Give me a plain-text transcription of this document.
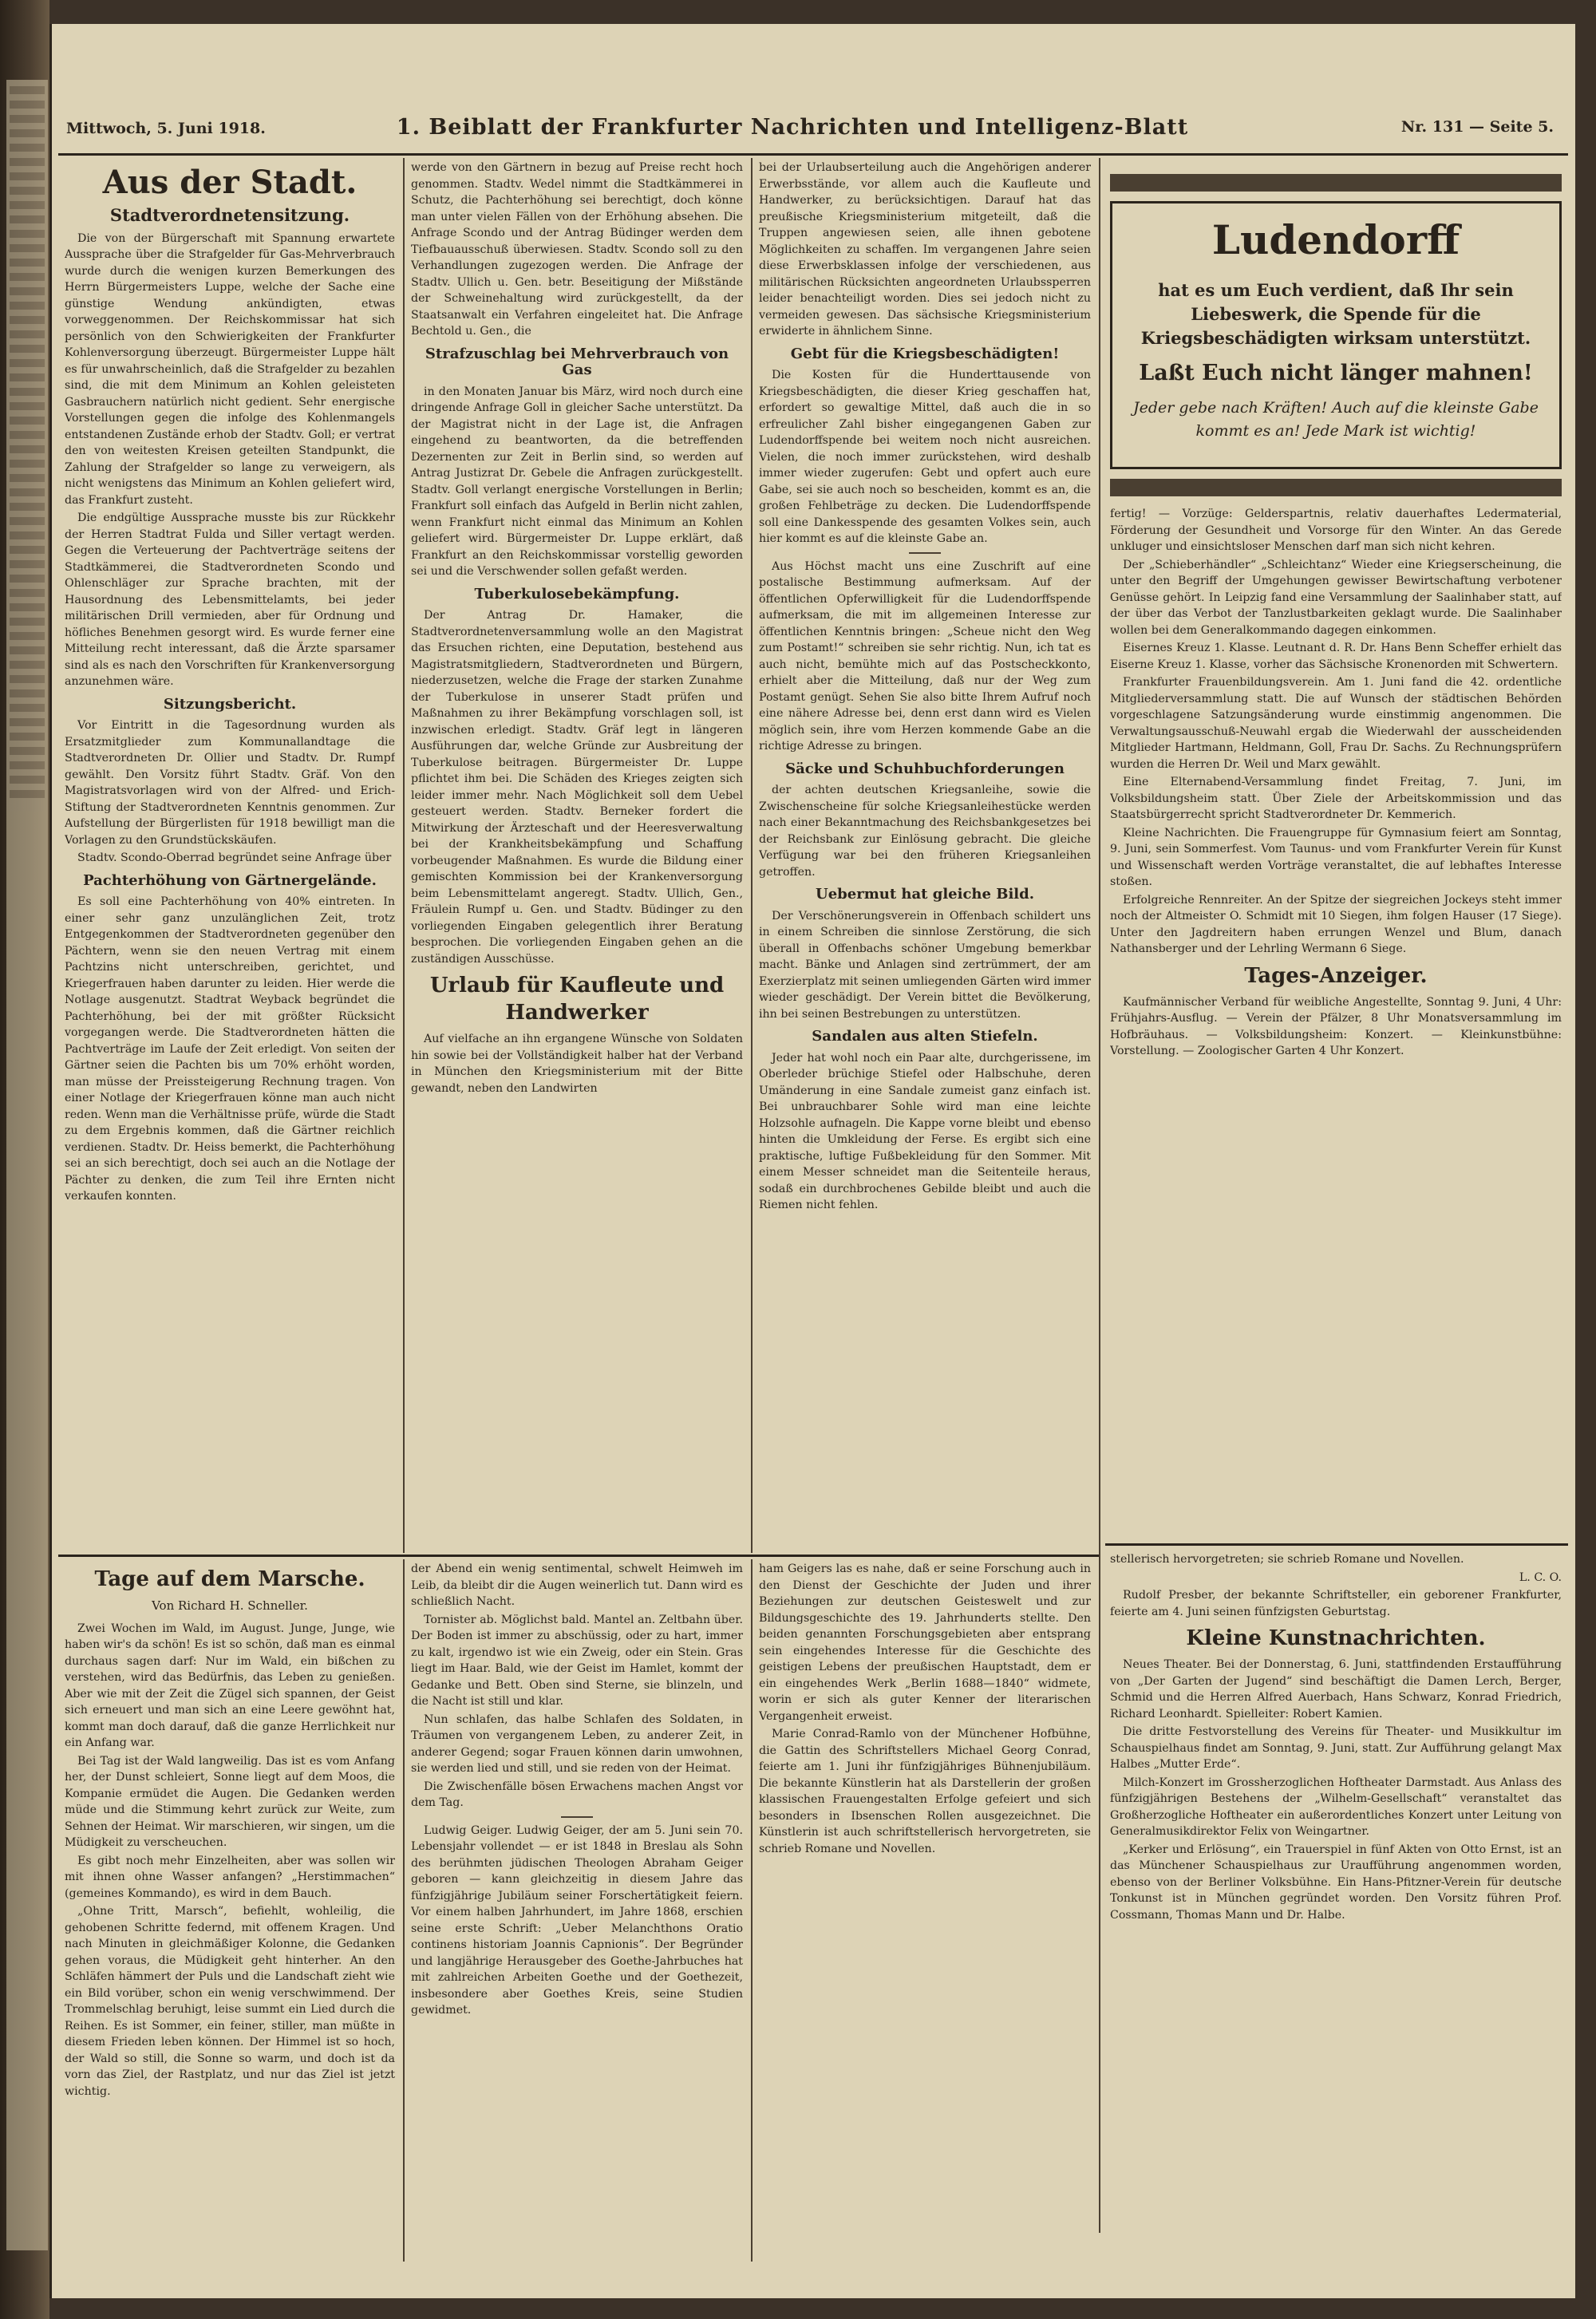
Mittwoch, 5. Juni 1918.	1. Beiblatt der Frankfurter Nachrichten und Intelligenz-Blatt	Nr. 131 — Seite 5.
Aus der Stadt.
Stadtverordnetensitzung.

Die von der Bürgerschaft mit Spannung erwartete Aussprache über die Strafgelder für Gas-Mehrverbrauch wurde durch die wenigen kurzen Bemerkungen des Herrn Bürgermeisters Luppe, welche der Sache eine günstige Wendung ankündigten, etwas vorweggenommen. Der Reichskommissar hat sich persönlich von den Schwierigkeiten der Frankfurter Kohlenversorgung überzeugt. Bürgermeister Luppe hält es für unwahrscheinlich, daß die Strafgelder zu bezahlen sind, die mit dem Minimum an Kohlen geleisteten Gasbrauchern natürlich nicht gedient. Sehr energische Vorstellungen gegen die infolge des Kohlenmangels entstandenen Zustände erhob der Stadtv. Goll; er vertrat den von weitesten Kreisen geteilten Standpunkt, die Zahlung der Strafgelder so lange zu verweigern, als nicht wenigstens das Minimum an Kohlen geliefert wird, das Frankfurt zusteht.

Die endgültige Aussprache musste bis zur Rückkehr der Herren Stadtrat Fulda und Siller vertagt werden. Gegen die Verteuerung der Pachtverträge seitens der Stadtkämmerei, die Stadtverordneten Scondo und Ohlenschläger zur Sprache brachten, mit der Hausordnung des Lebensmittelamts, bei jeder militärischen Drill vermieden, aber für Ordnung und höfliches Benehmen gesorgt wird. Es wurde ferner eine Mitteilung recht interessant, daß die Ärzte sparsamer sind als es nach den Vorschriften für Krankenversorgung anzunehmen wäre.

Sitzungsbericht.

Vor Eintritt in die Tagesordnung wurden als Ersatzmitglieder zum Kommunallandtage die Stadtverordneten Dr. Ollier und Stadtv. Dr. Rumpf gewählt. Den Vorsitz führt Stadtv. Gräf. Von den Magistratsvorlagen wird von der Alfred- und Erich-Stiftung der Stadtverordneten Kenntnis genommen. Zur Aufstellung der Bürgerlisten für 1918 bewilligt man die Vorlagen zu den Grundstückskäufen.

Stadtv. Scondo-Oberrad begründet seine Anfrage über

Pachterhöhung von Gärtnergelände.

Es soll eine Pachterhöhung von 40% eintreten. In einer sehr ganz unzulänglichen Zeit, trotz Entgegenkommen der Stadtverordneten gegenüber den Pächtern, wenn sie den neuen Vertrag mit einem Pachtzins nicht unterschreiben, gerichtet, und Kriegerfrauen haben darunter zu leiden. Hier werde die Notlage ausgenutzt. Stadtrat Weyback begründet die Pachterhöhung, bei der mit größter Rücksicht vorgegangen werde. Die Stadtverordneten hätten die Pachtverträge im Laufe der Zeit erledigt. Von seiten der Gärtner seien die Pachten bis um 70% erhöht worden, man müsse der Preissteigerung Rechnung tragen. Von einer Notlage der Kriegerfrauen könne man auch nicht reden. Wenn man die Verhältnisse prüfe, würde die Stadt zu dem Ergebnis kommen, daß die Gärtner reichlich verdienen. Stadtv. Dr. Heiss bemerkt, die Pachterhöhung sei an sich berechtigt, doch sei auch an die Notlage der Pächter zu denken, die zum Teil ihre Ernten nicht verkaufen konnten.

werde von den Gärtnern in bezug auf Preise recht hoch genommen. Stadtv. Wedel nimmt die Stadtkämmerei in Schutz, die Pachterhöhung sei berechtigt, doch könne man unter vielen Fällen von der Erhöhung absehen. Die Anfrage Scondo und der Antrag Büdinger werden dem Tiefbauausschuß überwiesen. Stadtv. Scondo soll zu den Verhandlungen zugezogen werden. Die Anfrage der Stadtv. Ullich u. Gen. betr. Beseitigung der Mißstände der Schweinehaltung wird zurückgestellt, da der Staatsanwalt ein Verfahren eingeleitet hat. Die Anfrage Bechtold u. Gen., die

Strafzuschlag bei Mehrverbrauch von Gas

in den Monaten Januar bis März, wird noch durch eine dringende Anfrage Goll in gleicher Sache unterstützt. Da der Magistrat nicht in der Lage ist, die Anfragen eingehend zu beantworten, da die betreffenden Dezernenten zur Zeit in Berlin sind, so werden auf Antrag Justizrat Dr. Gebele die Anfragen zurückgestellt. Stadtv. Goll verlangt energische Vorstellungen in Berlin; Frankfurt soll einfach das Aufgeld in Berlin nicht zahlen, wenn Frankfurt nicht einmal das Minimum an Kohlen geliefert wird. Bürgermeister Dr. Luppe erklärt, daß Frankfurt an den Reichskommissar vorstellig geworden sei und die Verschwender sollen gefaßt werden.

Tuberkulosebekämpfung.

Der Antrag Dr. Hamaker, die Stadtverordnetenversammlung wolle an den Magistrat das Ersuchen richten, eine Deputation, bestehend aus Magistratsmitgliedern, Stadtverordneten und Bürgern, niederzusetzen, welche die Frage der starken Zunahme der Tuberkulose in unserer Stadt prüfen und Maßnahmen zu ihrer Bekämpfung vorschlagen soll, ist inzwischen erledigt. Stadtv. Gräf legt in längeren Ausführungen dar, welche Gründe zur Ausbreitung der Tuberkulose beitragen. Bürgermeister Dr. Luppe pflichtet ihm bei. Die Schäden des Krieges zeigten sich leider immer mehr. Nach Möglichkeit soll dem Uebel gesteuert werden. Stadtv. Berneker fordert die Mitwirkung der Ärzteschaft und der Heeresverwaltung bei der Krankheitsbekämpfung und Schaffung vorbeugender Maßnahmen. Es wurde die Bildung einer gemischten Kommission bei der Krankenversorgung beim Lebensmittelamt angeregt. Stadtv. Ullich, Gen., Fräulein Rumpf u. Gen. und Stadtv. Büdinger zu den vorliegenden Eingaben gelegentlich ihrer Beratung besprochen. Die vorliegenden Eingaben gehen an die zuständigen Ausschüsse.

Urlaub für Kaufleute und Handwerker

Auf vielfache an ihn ergangene Wünsche von Soldaten hin sowie bei der Vollständigkeit halber hat der Verband in München den Kriegsministerium mit der Bitte gewandt, neben den Landwirten

bei der Urlaubserteilung auch die Angehörigen anderer Erwerbsstände, vor allem auch die Kaufleute und Handwerker, zu berücksichtigen. Darauf hat das preußische Kriegsministerium mitgeteilt, daß die Truppen angewiesen seien, alle ihnen gebotene Möglichkeiten zu schaffen. Im vergangenen Jahre seien diese Erwerbsklassen infolge der verschiedenen, aus militärischen Rücksichten angeordneten Urlaubssperren leider benachteiligt worden. Dies sei jedoch nicht zu vermeiden gewesen. Das sächsische Kriegsministerium erwiderte in ähnlichem Sinne.

Gebt für die Kriegsbeschädigten!

Die Kosten für die Hunderttausende von Kriegsbeschädigten, die dieser Krieg geschaffen hat, erfordert so gewaltige Mittel, daß auch die in so erfreulicher Zahl bisher eingegangenen Gaben zur Ludendorffspende bei weitem noch nicht ausreichen. Vielen, die noch immer zurückstehen, wird deshalb immer wieder zugerufen: Gebt und opfert auch eure Gabe, sei sie auch noch so bescheiden, kommt es an, die großen Fehlbeträge zu decken. Die Ludendorffspende soll eine Dankesspende des gesamten Volkes sein, auch hier kommt es auf die kleinste Gabe an.

Aus Höchst macht uns eine Zuschrift auf eine postalische Bestimmung aufmerksam. Auf der öffentlichen Opferwilligkeit für die Ludendorffspende aufmerksam, die mit im allgemeinen Interesse zur öffentlichen Kenntnis bringen: „Scheue nicht den Weg zum Postamt!“ schreiben sie sehr richtig. Nun, ich tat es auch nicht, bemühte mich auf das Postscheckkonto, erhielt aber die Mitteilung, daß nur der Weg zum Postamt genügt. Sehen Sie also bitte Ihrem Aufruf noch eine nähere Adresse bei, denn erst dann wird es Vielen möglich sein, ihre vom Herzen kommende Gabe an die richtige Adresse zu bringen.

Säcke und Schuhbuchforderungen

der achten deutschen Kriegsanleihe, sowie die Zwischenscheine für solche Kriegsanleihestücke werden nach einer Bekanntmachung des Reichsbankgesetzes bei der Reichsbank zur Einlösung gebracht. Die gleiche Verfügung war bei den früheren Kriegsanleihen getroffen.

Uebermut hat gleiche Bild.

Der Verschönerungsverein in Offenbach schildert uns in einem Schreiben die sinnlose Zerstörung, die sich überall in Offenbachs schöner Umgebung bemerkbar macht. Bänke und Anlagen sind zertrümmert, der am Exerzierplatz mit seinen umliegenden Gärten wird immer wieder geschädigt. Der Verein bittet die Bevölkerung, ihn bei seinen Bestrebungen zu unterstützen.

Sandalen aus alten Stiefeln.

Jeder hat wohl noch ein Paar alte, durchgerissene, im Oberleder brüchige Stiefel oder Halbschuhe, deren Umänderung in eine Sandale zumeist ganz einfach ist. Bei unbrauchbarer Sohle wird man eine leichte Holzsohle aufnageln. Die Kappe vorne bleibt und ebenso hinten die Umkleidung der Ferse. Es ergibt sich eine praktische, luftige Fußbekleidung für den Sommer. Mit einem Messer schneidet man die Seitenteile heraus, sodaß ein durchbrochenes Gebilde bleibt und auch die Riemen nicht fehlen.

Ludendorff
hat es um Euch verdient, daß Ihr sein Liebeswerk, die Spende für die Kriegsbeschädigten wirksam unterstützt.
Laßt Euch nicht länger mahnen!
Jeder gebe nach Kräften! Auch auf die kleinste Gabe kommt es an! Jede Mark ist wichtig!

fertig! — Vorzüge: Gelderspartnis, relativ dauerhaftes Ledermaterial, Förderung der Gesundheit und Vorsorge für den Winter. An das Gerede unkluger und einsichtsloser Menschen darf man sich nicht kehren.

Der „Schieberhändler“ „Schleichtanz“ Wieder eine Kriegserscheinung, die unter den Begriff der Umgehungen gewisser Bewirtschaftung verbotener Genüsse gehört. In Leipzig fand eine Versammlung der Saalinhaber statt, auf der über das Verbot der Tanzlustbarkeiten geklagt wurde. Die Saalinhaber wollen bei dem Generalkommando dagegen einkommen.

Eisernes Kreuz 1. Klasse. Leutnant d. R. Dr. Hans Benn Scheffer erhielt das Eiserne Kreuz 1. Klasse, vorher das Sächsische Kronenorden mit Schwertern.

Frankfurter Frauenbildungsverein. Am 1. Juni fand die 42. ordentliche Mitgliederversammlung statt. Die auf Wunsch der städtischen Behörden vorgeschlagene Satzungsänderung wurde einstimmig angenommen. Die Verwaltungsausschuß-Neuwahl ergab die Wiederwahl der ausscheidenden Mitglieder Hartmann, Heldmann, Goll, Frau Dr. Sachs. Zu Rechnungsprüfern wurden die Herren Dr. Weil und Marx gewählt.

Eine Elternabend-Versammlung findet Freitag, 7. Juni, im Volksbildungsheim statt. Über Ziele der Arbeitskommission und das Staatsbürgerrecht spricht Stadtverordneter Dr. Kemmerich.

Kleine Nachrichten. Die Frauengruppe für Gymnasium feiert am Sonntag, 9. Juni, sein Sommerfest. Vom Taunus- und vom Frankfurter Verein für Kunst und Wissenschaft werden Vorträge veranstaltet, die auf lebhaftes Interesse stoßen.

Erfolgreiche Rennreiter. An der Spitze der siegreichen Jockeys steht immer noch der Altmeister O. Schmidt mit 10 Siegen, ihm folgen Hauser (17 Siege). Unter den Jagdreitern haben errungen Wenzel und Blum, danach Nathansberger und der Lehrling Wermann 6 Siege.

Tages-Anzeiger.

Kaufmännischer Verband für weibliche Angestellte, Sonntag 9. Juni, 4 Uhr: Frühjahrs-Ausflug. — Verein der Pfälzer, 8 Uhr Monatsversammlung im Hofbräuhaus. — Volksbildungsheim: Konzert. — Kleinkunstbühne: Vorstellung. — Zoologischer Garten 4 Uhr Konzert.

Tage auf dem Marsche.
Von Richard H. Schneller.

Zwei Wochen im Wald, im August. Junge, Junge, wie haben wir's da schön! Es ist so schön, daß man es einmal durchaus sagen darf: Nur im Wald, ein bißchen zu verstehen, wird das Bedürfnis, das Leben zu genießen. Aber wie mit der Zeit die Zügel sich spannen, der Geist sich erneuert und man sich an eine Leere gewöhnt hat, kommt man doch darauf, daß die ganze Herrlichkeit nur ein Anfang war.

Bei Tag ist der Wald langweilig. Das ist es vom Anfang her, der Dunst schleiert, Sonne liegt auf dem Moos, die Kompanie ermüdet die Augen. Die Gedanken werden müde und die Stimmung kehrt zurück zur Weite, zum Sehnen der Heimat. Wir marschieren, wir singen, um die Müdigkeit zu verscheuchen.

Es gibt noch mehr Einzelheiten, aber was sollen wir mit ihnen ohne Wasser anfangen? „Herstimmachen“ (gemeines Kommando), es wird in dem Bauch.

„Ohne Tritt, Marsch“, befiehlt, wohleilig, die gehobenen Schritte federnd, mit offenem Kragen. Und nach Minuten in gleichmäßiger Kolonne, die Gedanken gehen voraus, die Müdigkeit geht hinterher. An den Schläfen hämmert der Puls und die Landschaft zieht wie ein Bild vorüber, schon ein wenig verschwimmend. Der Trommelschlag beruhigt, leise summt ein Lied durch die Reihen. Es ist Sommer, ein feiner, stiller, man müßte in diesem Frieden leben können. Der Himmel ist so hoch, der Wald so still, die Sonne so warm, und doch ist da vorn das Ziel, der Rastplatz, und nur das Ziel ist jetzt wichtig.

der Abend ein wenig sentimental, schwelt Heimweh im Leib, da bleibt dir die Augen weinerlich tut. Dann wird es schließlich Nacht.

Tornister ab. Möglichst bald. Mantel an. Zeltbahn über. Der Boden ist immer zu abschüssig, oder zu hart, immer zu kalt, irgendwo ist wie ein Zweig, oder ein Stein. Gras liegt im Haar. Bald, wie der Geist im Hamlet, kommt der Gedanke und Bett. Oben sind Sterne, sie blinzeln, und die Nacht ist still und klar.

Nun schlafen, das halbe Schlafen des Soldaten, in Träumen von vergangenem Leben, zu anderer Zeit, in anderer Gegend; sogar Frauen können darin umwohnen, sie werden lied und still, und sie reden von der Heimat.

Die Zwischenfälle bösen Erwachens machen Angst vor dem Tag.

Ludwig Geiger. Ludwig Geiger, der am 5. Juni sein 70. Lebensjahr vollendet — er ist 1848 in Breslau als Sohn des berühmten jüdischen Theologen Abraham Geiger geboren — kann gleichzeitig in diesem Jahre das fünfzigjährige Jubiläum seiner Forschertätigkeit feiern. Vor einem halben Jahrhundert, im Jahre 1868, erschien seine erste Schrift: „Ueber Melanchthons Oratio continens historiam Joannis Capnionis“. Der Begründer und langjährige Herausgeber des Goethe-Jahrbuches hat mit zahlreichen Arbeiten Goethe und der Goethezeit, insbesondere aber Goethes Kreis, seine Studien gewidmet.

ham Geigers las es nahe, daß er seine Forschung auch in den Dienst der Geschichte der Juden und ihrer Beziehungen zur deutschen Geisteswelt und zur Bildungsgeschichte des 19. Jahrhunderts stellte. Den beiden genannten Forschungsgebieten aber entsprang sein eingehendes Interesse für die Geschichte des geistigen Lebens der preußischen Hauptstadt, dem er ein eingehendes Werk „Berlin 1688—1840“ widmete, worin er sich als guter Kenner der literarischen Vergangenheit erweist.

Marie Conrad-Ramlo von der Münchener Hofbühne, die Gattin des Schriftstellers Michael Georg Conrad, feierte am 1. Juni ihr fünfzigjähriges Bühnenjubiläum. Die bekannte Künstlerin hat als Darstellerin der großen klassischen Frauengestalten Erfolge gefeiert und sich besonders in Ibsenschen Rollen ausgezeichnet. Die Künstlerin ist auch schriftstellerisch hervorgetreten, sie schrieb Romane und Novellen.

stellerisch hervorgetreten; sie schrieb Romane und Novellen.

L. C. O.

Rudolf Presber, der bekannte Schriftsteller, ein geborener Frankfurter, feierte am 4. Juni seinen fünfzigsten Geburtstag.

Kleine Kunstnachrichten.

Neues Theater. Bei der Donnerstag, 6. Juni, stattfindenden Erstaufführung von „Der Garten der Jugend“ sind beschäftigt die Damen Lerch, Berger, Schmid und die Herren Alfred Auerbach, Hans Schwarz, Konrad Friedrich, Richard Leonhardt. Spielleiter: Robert Kamien.

Die dritte Festvorstellung des Vereins für Theater- und Musikkultur im Schauspielhaus findet am Sonntag, 9. Juni, statt. Zur Aufführung gelangt Max Halbes „Mutter Erde“.

Milch-Konzert im Grossherzoglichen Hoftheater Darmstadt. Aus Anlass des fünfzigjährigen Bestehens der „Wilhelm-Gesellschaft“ veranstaltet das Großherzogliche Hoftheater ein außerordentliches Konzert unter Leitung von Generalmusikdirektor Felix von Weingartner.

„Kerker und Erlösung“, ein Trauerspiel in fünf Akten von Otto Ernst, ist an das Münchener Schauspielhaus zur Uraufführung angenommen worden, ebenso von der Berliner Volksbühne. Ein Hans-Pfitzner-Verein für deutsche Tonkunst ist in München gegründet worden. Den Vorsitz führen Prof. Cossmann, Thomas Mann und Dr. Halbe.
